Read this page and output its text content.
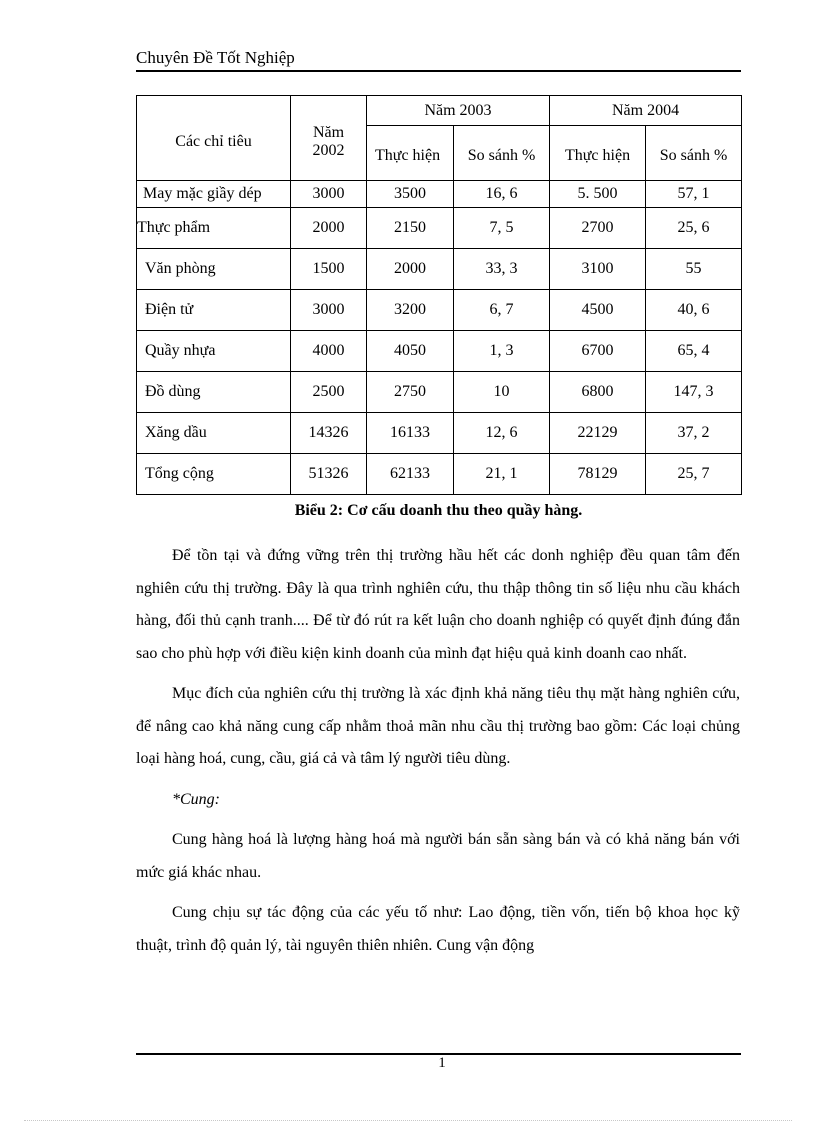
Chuyên Đề Tốt Nghiệp
Các chỉ tiêu	Năm 2002	Năm 2003		Năm 2004	
		Thực hiện	So sánh %	Thực hiện	So sánh %
May mặc giầy dép	3000	3500	16, 6	5. 500	57, 1
Thực phẩm	2000	2150	7, 5	2700	25, 6
Văn phòng	1500	2000	33, 3	3100	55
Điện tử	3000	3200	6, 7	4500	40, 6
Quầy nhựa	4000	4050	1, 3	6700	65, 4
Đồ dùng	2500	2750	10	6800	147, 3
Xăng dầu	14326	16133	12, 6	22129	37, 2
Tổng cộng	51326	62133	21, 1	78129	25, 7
Biểu 2: Cơ cấu doanh thu theo quầy hàng.

Để tồn tại và đứng vững trên thị trường hầu hết các donh nghiệp đều quan tâm đến nghiên cứu thị trường. Đây là qua trình nghiên cứu, thu thập thông tin số liệu nhu cầu khách hàng, đối thủ cạnh tranh.... Để từ đó rút ra kết luận cho doanh nghiệp có quyết định đúng đắn sao cho phù hợp với điều kiện kinh doanh của mình đạt hiệu quả kinh doanh cao nhất.

Mục đích của nghiên cứu thị trường là xác định khả năng tiêu thụ mặt hàng nghiên cứu, để nâng cao khả năng cung cấp nhằm thoả mãn nhu cầu thị trường bao gồm: Các loại chủng loại hàng hoá, cung, cầu, giá cả và tâm lý người tiêu dùng.

*Cung:

Cung hàng hoá là lượng hàng hoá mà người bán sẵn sàng bán và có khả năng bán với mức giá khác nhau.

Cung chịu sự tác động của các yếu tố như: Lao động, tiền vốn, tiến bộ khoa học kỹ thuật, trình độ quản lý, tài nguyên thiên nhiên. Cung vận động

1
